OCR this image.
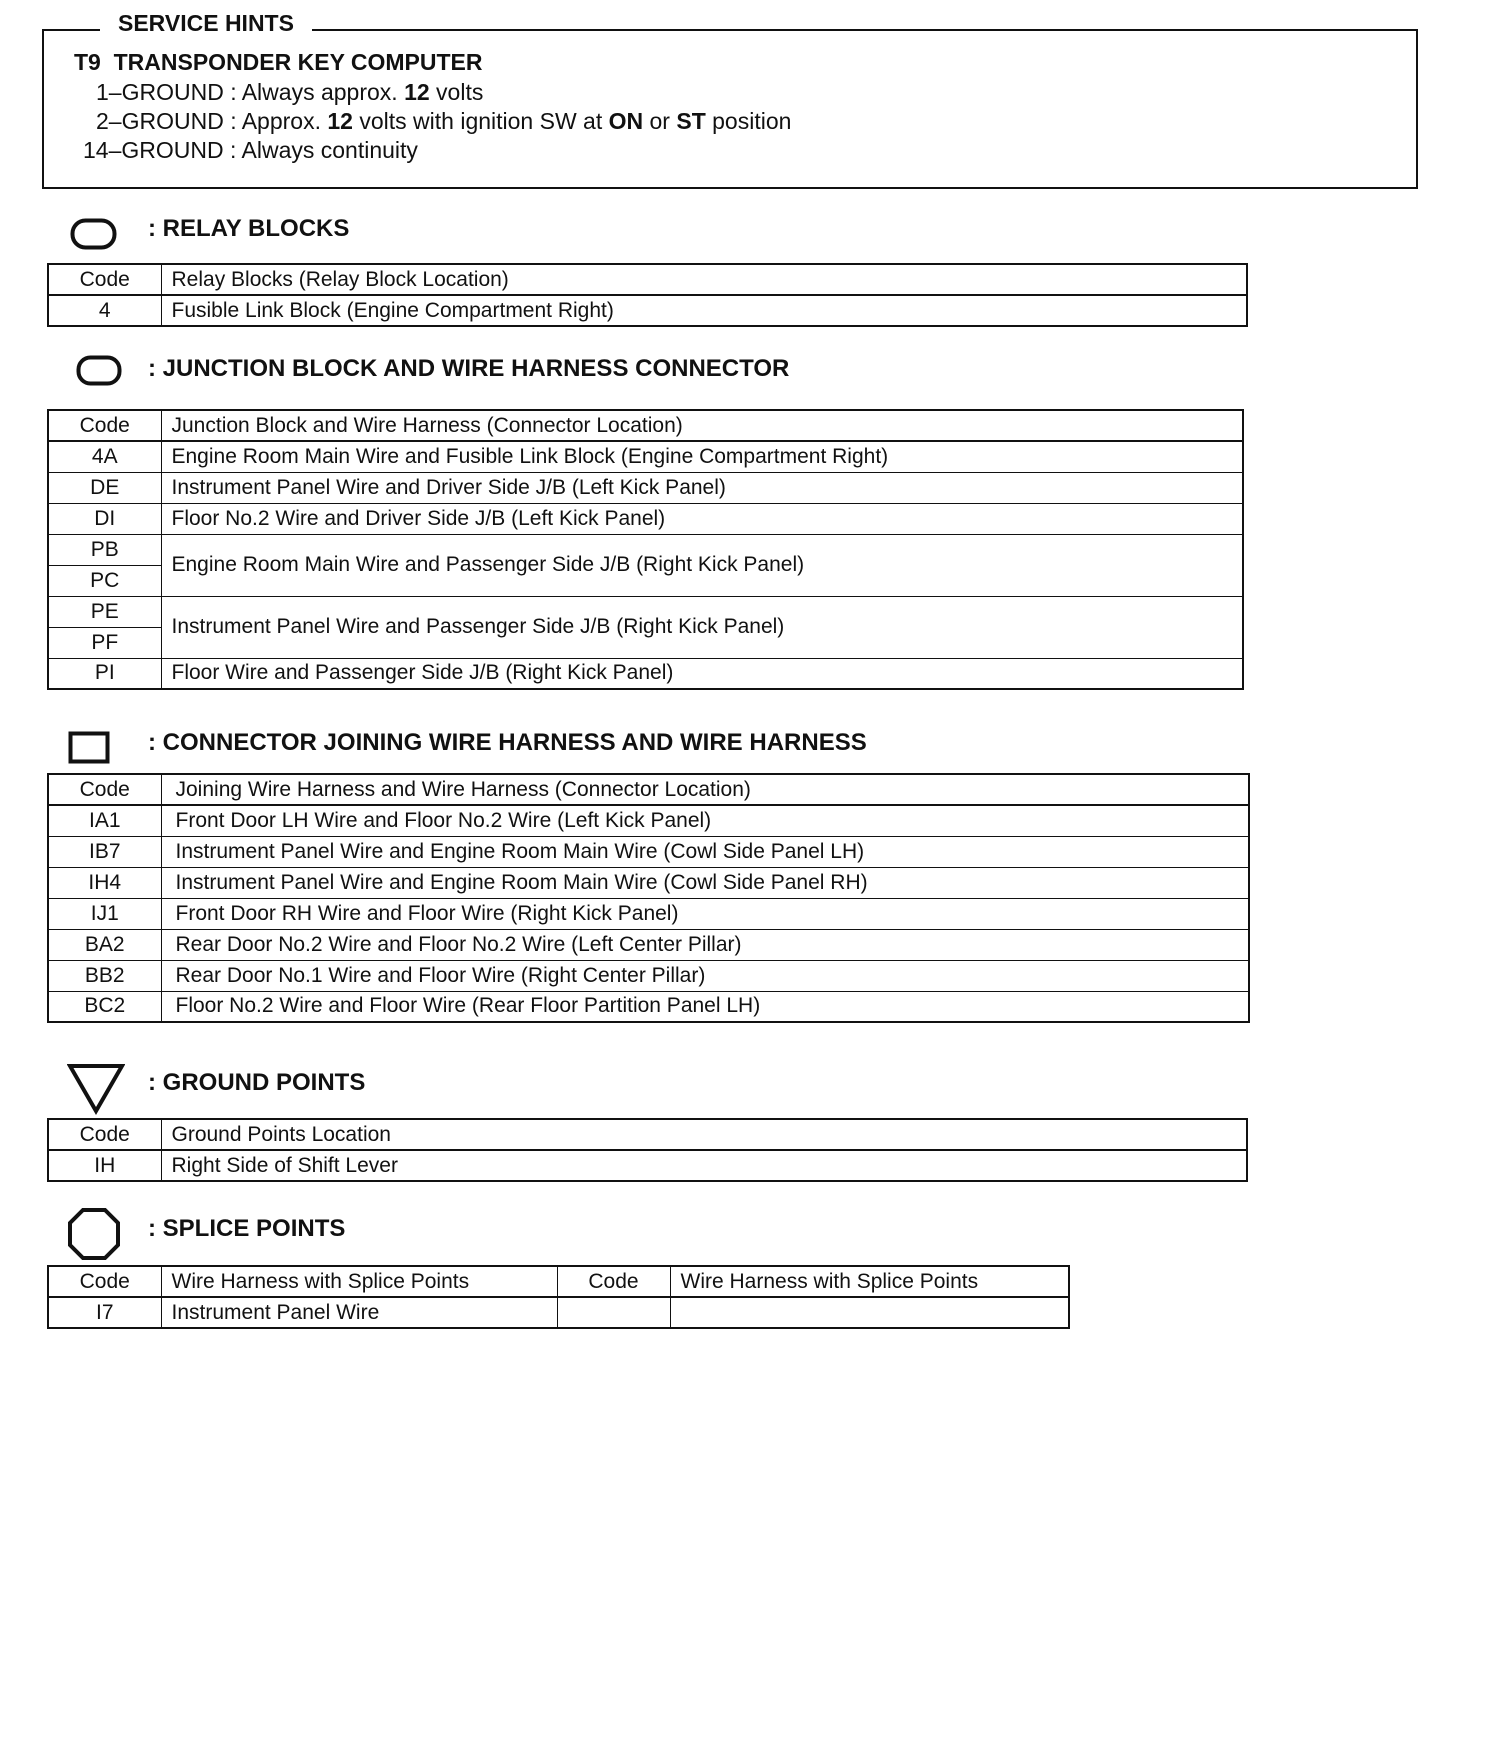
SERVICE HINTS
T9  TRANSPONDER KEY COMPUTER
1–GROUND : Always approx. 12 volts
2–GROUND : Approx. 12 volts with ignition SW at ON or ST position
14–GROUND : Always continuity
: RELAY BLOCKS
Code	Relay Blocks (Relay Block Location)
4	Fusible Link Block (Engine Compartment Right)
: JUNCTION BLOCK AND WIRE HARNESS CONNECTOR
Code	Junction Block and Wire Harness (Connector Location)
4A	Engine Room Main Wire and Fusible Link Block (Engine Compartment Right)
DE	Instrument Panel Wire and Driver Side J/B (Left Kick Panel)
DI	Floor No.2 Wire and Driver Side J/B (Left Kick Panel)
PB	Engine Room Main Wire and Passenger Side J/B (Right Kick Panel)
PC	
PE	Instrument Panel Wire and Passenger Side J/B (Right Kick Panel)
PF	
PI	Floor Wire and Passenger Side J/B (Right Kick Panel)
: CONNECTOR JOINING WIRE HARNESS AND WIRE HARNESS
Code	Joining Wire Harness and Wire Harness (Connector Location)
IA1	Front Door LH Wire and Floor No.2 Wire (Left Kick Panel)
IB7	Instrument Panel Wire and Engine Room Main Wire (Cowl Side Panel LH)
IH4	Instrument Panel Wire and Engine Room Main Wire (Cowl Side Panel RH)
IJ1	Front Door RH Wire and Floor Wire (Right Kick Panel)
BA2	Rear Door No.2 Wire and Floor No.2 Wire (Left Center Pillar)
BB2	Rear Door No.1 Wire and Floor Wire (Right Center Pillar)
BC2	Floor No.2 Wire and Floor Wire (Rear Floor Partition Panel LH)
: GROUND POINTS
Code	Ground Points Location
IH	Right Side of Shift Lever
: SPLICE POINTS
Code	Wire Harness with Splice Points	Code	Wire Harness with Splice Points
I7	Instrument Panel Wire		
